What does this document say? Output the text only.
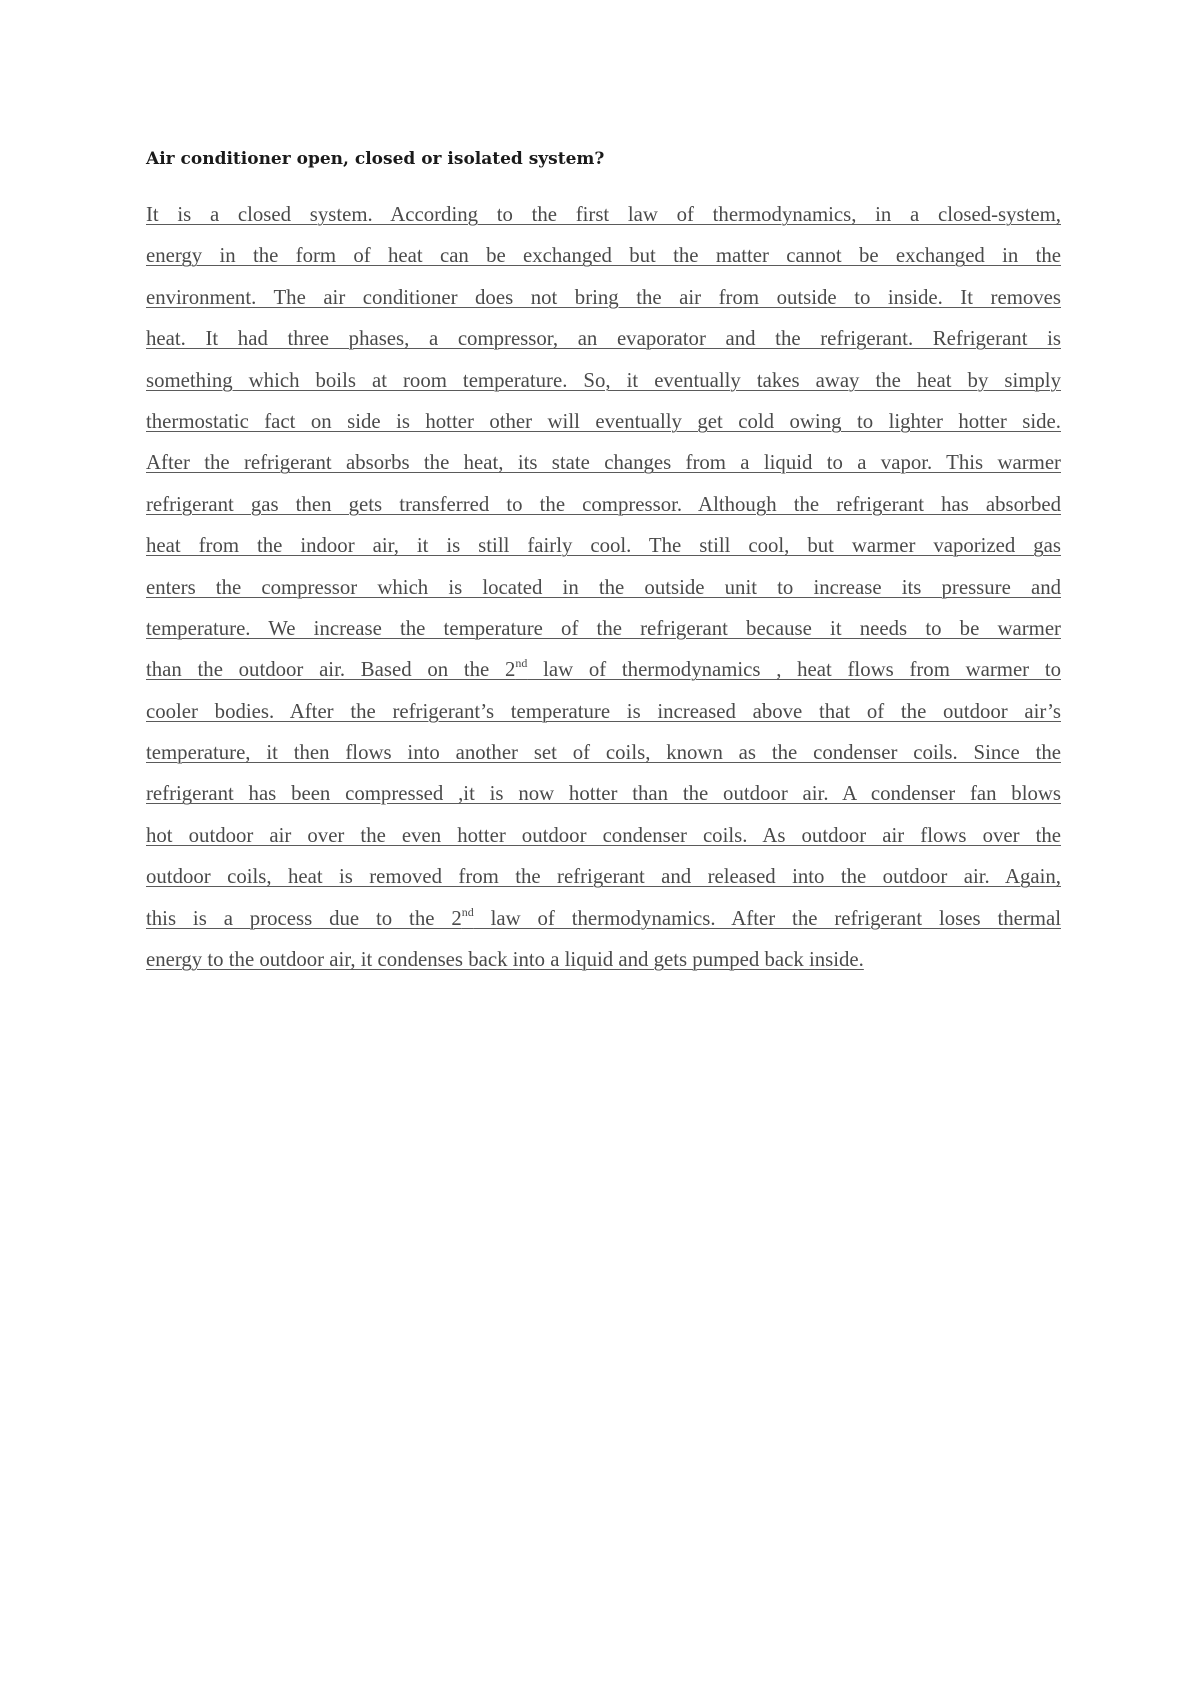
Air conditioner open, closed or isolated system?
It is a closed system. According to the first law of thermodynamics, in a closed-system,
energy in the form of heat can be exchanged but the matter cannot be exchanged in the
environment. The air conditioner does not bring the air from outside to inside. It removes
heat. It had three phases, a compressor, an evaporator and the refrigerant. Refrigerant is
something which boils at room temperature. So, it eventually takes away the heat by simply
thermostatic fact on side is hotter other will eventually get cold owing to lighter hotter side.
After the refrigerant absorbs the heat, its state changes from a liquid to a vapor. This warmer
refrigerant gas then gets transferred to the compressor. Although the refrigerant has absorbed
heat from the indoor air, it is still fairly cool. The still cool, but warmer vaporized gas
enters the compressor which is located in the outside unit to increase its pressure and
temperature. We increase the temperature of the refrigerant because it needs to be warmer
than the outdoor air. Based on the 2nd law of thermodynamics , heat flows from warmer to
cooler bodies. After the refrigerant’s temperature is increased above that of the outdoor air’s
temperature, it then flows into another set of coils, known as the condenser coils. Since the
refrigerant has been compressed ,it is now hotter than the outdoor air. A condenser fan blows
hot outdoor air over the even hotter outdoor condenser coils. As outdoor air flows over the
outdoor coils, heat is removed from the refrigerant and released into the outdoor air. Again,
this is a process due to the 2nd law of thermodynamics. After the refrigerant loses thermal
energy to the outdoor air, it condenses back into a liquid and gets pumped back inside.
